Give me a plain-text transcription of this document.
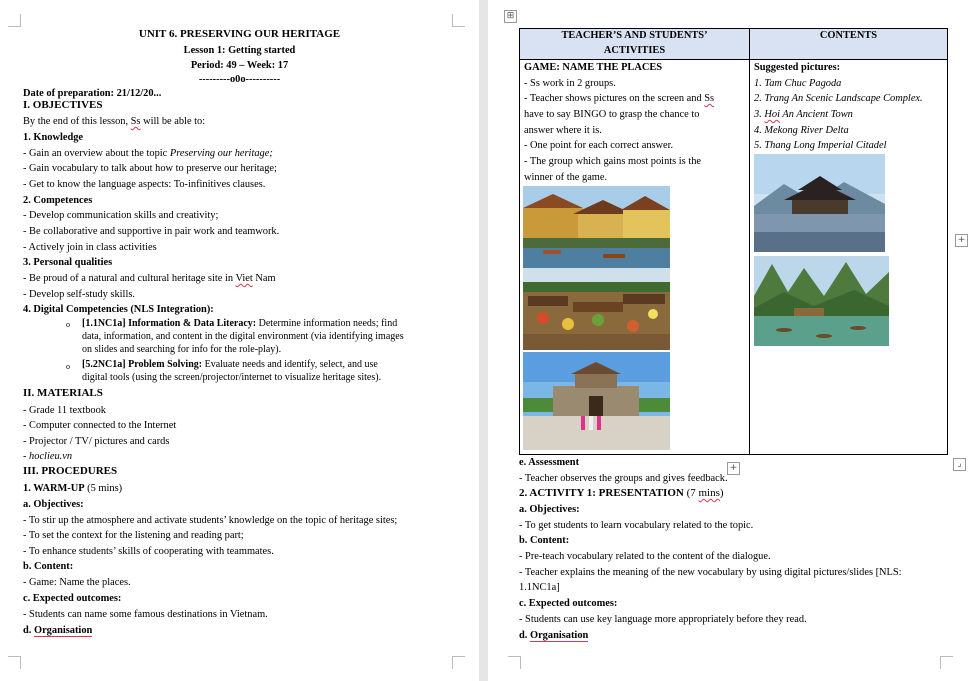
UNIT 6. PRESERVING OUR HERITAGE
Lesson 1: Getting started
Period: 49 – Week: 17
---------o0o----------
Date of preparation: 21/12/20...
I. OBJECTIVES
By the end of this lesson, Ss will be able to:
1. Knowledge
- Gain an overview about the topic Preserving our heritage;
- Gain vocabulary to talk about how to preserve our heritage;
- Get to know the language aspects: To-infinitives clauses.
2. Competences
- Develop communication skills and creativity;
- Be collaborative and supportive in pair work and teamwork.
- Actively join in class activities
3. Personal qualities
- Be proud of a natural and cultural heritage site in Viet Nam
- Develop self-study skills.
4. Digital Competencies (NLS Integration):
o [1.1NC1a] Information & Data Literacy: Determine information needs; find
data, information, and content in the digital environment (via identifying images
on slides and searching for info for the role-play).
o [5.2NC1a] Problem Solving: Evaluate needs and identify, select, and use
digital tools (using the screen/projector/internet to visualize heritage sites).
II. MATERIALS
- Grade 11 textbook
- Computer connected to the Internet
- Projector / TV/ pictures and cards
- hoclieu.vn
III. PROCEDURES
1. WARM-UP (5 mins)
a. Objectives:
- To stir up the atmosphere and activate students’ knowledge on the topic of heritage sites;
- To set the context for the listening and reading part;
- To enhance students’ skills of cooperating with teammates.
b. Content:
- Game: Name the places.
c. Expected outcomes:
- Students can name some famous destinations in Vietnam.
d. Organisation
TEACHER’S AND STUDENTS’
ACTIVITIES
CONTENTS
GAME: NAME THE PLACES
- Ss work in 2 groups.
- Teacher shows pictures on the screen and Ss
have to say BINGO to grasp the chance to
answer where it is.
- One point for each correct answer.
- The group which gains most points is the
winner of the game.
Suggested pictures:
1. Tam Chuc Pagoda
2. Trang An Scenic Landscape Complex.
3. Hoi An Ancient Town
4. Mekong River Delta
5. Thang Long Imperial Citadel
⊞
+
+	⌟
e. Assessment
- Teacher observes the groups and gives feedback.
2. ACTIVITY 1: PRESENTATION (7 mins)
a. Objectives:
- To get students to learn vocabulary related to the topic.
b. Content:
- Pre-teach vocabulary related to the content of the dialogue.
- Teacher explains the meaning of the new vocabulary by using digital pictures/slides [NLS:
1.1NC1a]
c. Expected outcomes:
- Students can use key language more appropriately before they read.
d. Organisation
